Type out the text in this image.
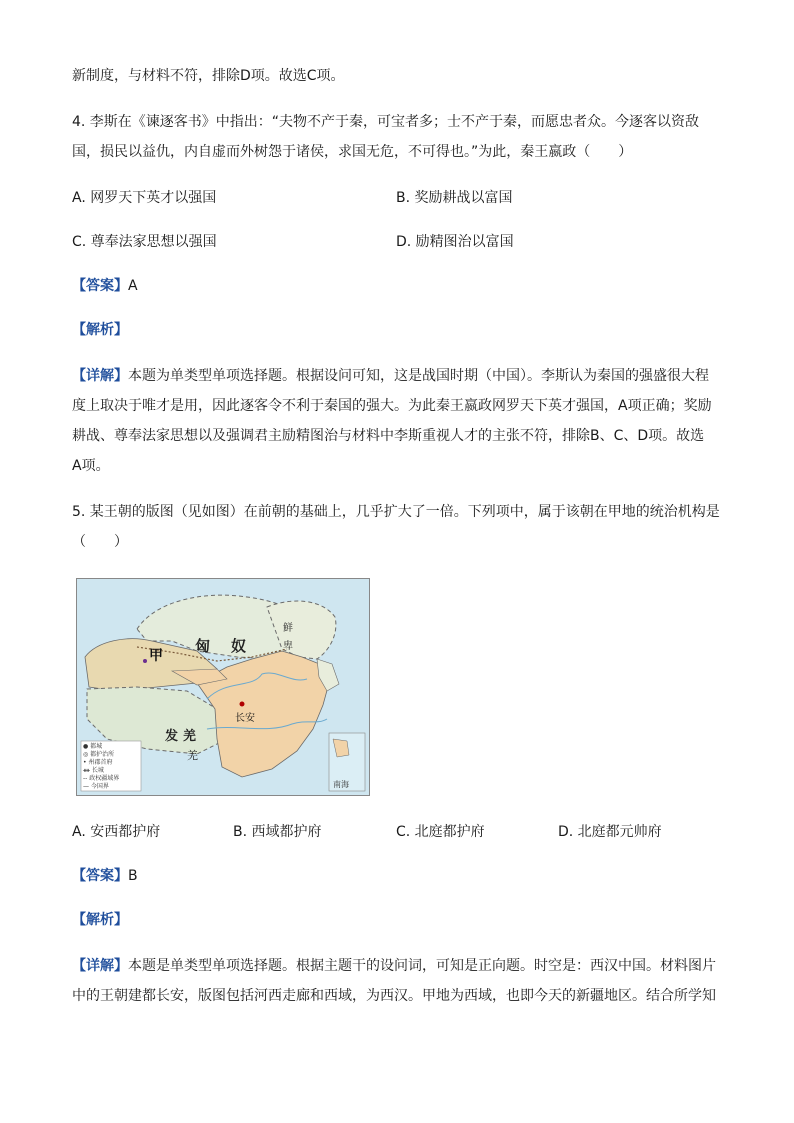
新制度，与材料不符，排除D项。故选C项。
4. 李斯在《谏逐客书》中指出：“夫物不产于秦，可宝者多；士不产于秦，而愿忠者众。今逐客以资敌
国，损民以益仇，内自虚而外树怨于诸侯，求国无危，不可得也。”为此，秦王嬴政（　　）
A. 网罗天下英才以强国	B. 奖励耕战以富国
C. 尊奉法家思想以强国	D. 励精图治以富国
【答案】A
【解析】
【详解】本题为单类型单项选择题。根据设问可知，这是战国时期（中国）。李斯认为秦国的强盛很大程
度上取决于唯才是用，因此逐客令不利于秦国的强大。为此秦王嬴政网罗天下英才强国，A项正确；奖励
耕战、尊奉法家思想以及强调君主励精图治与材料中李斯重视人才的主张不符，排除B、C、D项。故选
A项。
5. 某王朝的版图（见如图）在前朝的基础上，几乎扩大了一倍。下列项中，属于该朝在甲地的统治机构是
（　　）
匈 奴
鲜
卑
甲
长安
发 羌
羌
南海
● 都城
◎ 都护治所
• 州郡首府
ᚓ 长城
-- 政权疆域界
— 今国界
A. 安西都护府	B. 西域都护府	C. 北庭都护府	D. 北庭都元帅府
【答案】B
【解析】
【详解】本题是单类型单项选择题。根据主题干的设问词，可知是正向题。时空是：西汉中国。材料图片
中的王朝建都长安，版图包括河西走廊和西域，为西汉。甲地为西域，也即今天的新疆地区。结合所学知
